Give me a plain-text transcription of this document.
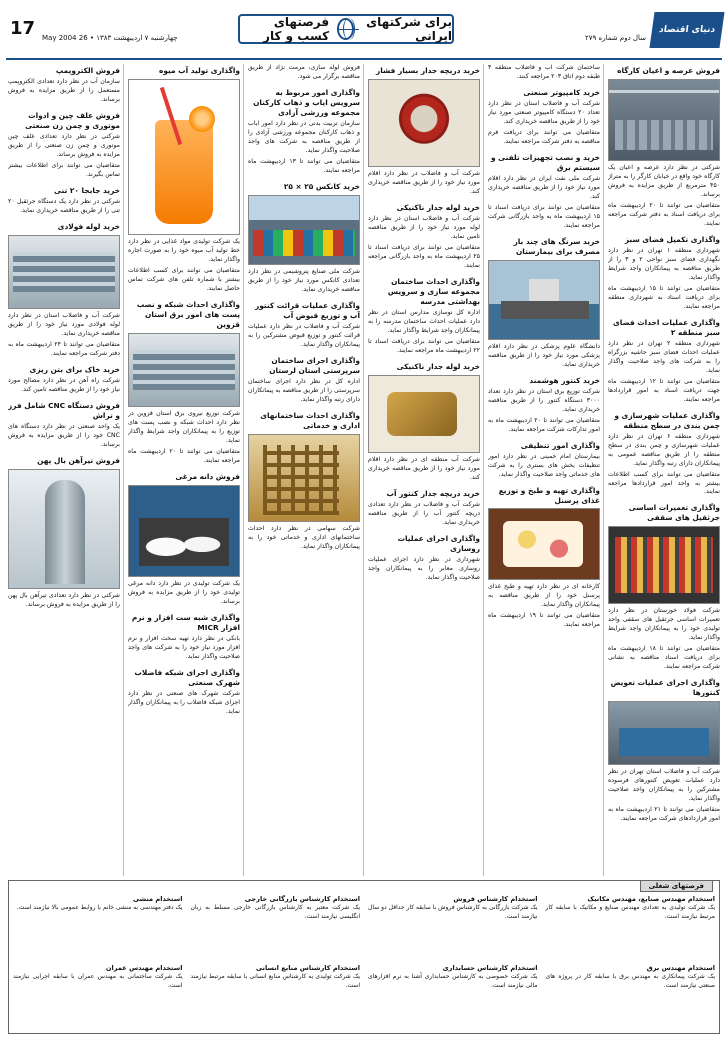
17 چهارشنبه ۷ اردیبهشت ۱۳۸۳ • 26 May 2004
برای شرکتهای ایرانی
فرصتهای کسب و کار	سال دوم شماره ۲۷۹
دنیای اقتصاد
فروش عرصه و اعیان کارگاه

شرکتی در نظر دارد عرصه و اعیان یک کارگاه خود واقع در خیابان کارگر را به متراژ ۴۵۰ مترمربع از طریق مزایده به فروش برساند.

متقاضیان می توانند تا ۲۰ اردیبهشت ماه برای دریافت اسناد به دفتر شرکت مراجعه نمایند.

واگذاری تکمیل فضای سبز

شهرداری منطقه ۱ تهران در نظر دارد نگهداری فضای سبز نواحی ۲ و ۳ را از طریق مناقصه به پیمانکاران واجد شرایط واگذار نماید.

متقاضیان می توانند تا ۱۵ اردیبهشت ماه برای دریافت اسناد به شهرداری منطقه مراجعه نمایند.

واگذاری عملیات احداث فضای سبز منطقه ۲

شهرداری منطقه ۲ تهران در نظر دارد عملیات احداث فضای سبز حاشیه بزرگراه را به شرکت های واجد صلاحیت واگذار نماید.

متقاضیان می توانند تا ۱۲ اردیبهشت ماه جهت دریافت اسناد به امور قراردادها مراجعه نمایند.

واگذاری عملیات شهرسازی و چمن بندی در سطح منطقه

شهرداری منطقه ۶ تهران در نظر دارد عملیات شهرسازی و چمن بندی در سطح منطقه را از طریق مناقصه عمومی به پیمانکاران دارای رتبه واگذار نماید.

متقاضیان می توانند برای کسب اطلاعات بیشتر به واحد امور قراردادها مراجعه نمایند.

واگذاری تعمیرات اساسی جرثقیل های سقفی

شرکت فولاد خوزستان در نظر دارد تعمیرات اساسی جرثقیل های سقفی واحد تولیدی خود را به پیمانکاران واجد شرایط واگذار نماید.

متقاضیان می توانند تا ۱۸ اردیبهشت ماه برای دریافت اسناد مناقصه به نشانی شرکت مراجعه نمایند.

واگذاری اجرای عملیات تعویض کنتورها

شرکت آب و فاضلاب استان تهران در نظر دارد عملیات تعویض کنتورهای فرسوده مشترکین را به پیمانکاران واجد صلاحیت واگذار نماید.

متقاضیان می توانند تا ۲۱ اردیبهشت ماه به امور قراردادهای شرکت مراجعه نمایند.

ساختمان شرکت آب و فاضلاب منطقه ۴ طبقه دوم اتاق ۲۰۳ مراجعه کنند.

خرید کامپیوتر صنعتی

شرکت آب و فاضلاب استان در نظر دارد تعداد ۲۰ دستگاه کامپیوتر صنعتی مورد نیاز خود را از طریق مناقصه خریداری کند.

متقاضیان می توانند برای دریافت فرم مناقصه به دفتر شرکت مراجعه نمایند.

خرید و نصب تجهیزات تلفنی و سیستم برق

شرکت ملی نفت ایران در نظر دارد اقلام مورد نیاز خود را از طریق مناقصه خریداری کند.

متقاضیان می توانند برای دریافت اسناد تا ۱۵ اردیبهشت ماه به واحد بازرگانی شرکت مراجعه نمایند.

خرید سرنگ های چند بار مصرف برای بیمارستان

دانشگاه علوم پزشکی در نظر دارد اقلام پزشکی مورد نیاز خود را از طریق مناقصه خریداری نماید.

خرید کنتور هوشمند

شرکت توزیع برق استان در نظر دارد تعداد ۳۰۰۰ دستگاه کنتور را از طریق مناقصه خریداری نماید.

متقاضیان می توانند تا ۲۰ اردیبهشت ماه به امور تدارکات شرکت مراجعه نمایند.

واگذاری امور تنظیفی

بیمارستان امام خمینی در نظر دارد امور تنظیفات بخش های بستری را به شرکت های خدماتی واجد صلاحیت واگذار نماید.

واگذاری تهیه و طبخ و توزیع غذای پرسنل

کارخانه ای در نظر دارد تهیه و طبخ غذای پرسنل خود را از طریق مناقصه به پیمانکاران واگذار نماید.

متقاضیان می توانند تا ۱۹ اردیبهشت ماه مراجعه نمایند.

خرید دریچه جدار بسیار فشار

شرکت آب و فاضلاب در نظر دارد اقلام مورد نیاز خود را از طریق مناقصه خریداری کند.

خرید لوله جدار ناکنیکی

شرکت آب و فاضلاب استان در نظر دارد لوله مورد نیاز خود را از طریق مناقصه تامین نماید.

متقاضیان می توانند برای دریافت اسناد تا ۲۵ اردیبهشت ماه به واحد بازرگانی مراجعه نمایند.

واگذاری احداث ساختمان مجموعه سازی و سرویس بهداشتی مدرسه

اداره کل نوسازی مدارس استان در نظر دارد عملیات احداث ساختمان مدرسه را به پیمانکاران واجد شرایط واگذار نماید.

متقاضیان می توانند برای دریافت اسناد تا ۲۲ اردیبهشت ماه مراجعه نمایند.

خرید لوله جدار ناکنیکی

شرکت آب منطقه ای در نظر دارد اقلام مورد نیاز خود را از طریق مناقصه خریداری کند.

خرید دریچه جدار کنتور آب

شرکت آب و فاضلاب در نظر دارد تعدادی دریچه کنتور آب را از طریق مناقصه خریداری نماید.

واگذاری اجرای عملیات روسازی

شهرداری در نظر دارد اجرای عملیات روسازی معابر را به پیمانکاران واجد صلاحیت واگذار نماید.

فروش لوله سازی، مرمت نژاد از طریق مناقصه برگزار می شود.

واگذاری امور مربوط به سرویس ایاب و ذهاب کارکنان مجموعه ورزشی آزادی

سازمان تربیت بدنی در نظر دارد امور ایاب و ذهاب کارکنان مجموعه ورزشی آزادی را از طریق مناقصه به شرکت های واجد صلاحیت واگذار نماید.

متقاضیان می توانند تا ۱۳ اردیبهشت ماه مراجعه نمایند.

خرید کانکس ۲۵ × ۲۵

شرکت ملی صنایع پتروشیمی در نظر دارد تعدادی کانکس مورد نیاز خود را از طریق مناقصه خریداری نماید.

واگذاری عملیات قرائت کنتور آب و توزیع قبوض آب

شرکت آب و فاضلاب در نظر دارد عملیات قرائت کنتور و توزیع قبوض مشترکین را به پیمانکاران واگذار نماید.

واگذاری اجرای ساختمان سرپرستی استان لرستان

اداره کل در نظر دارد اجرای ساختمان سرپرستی را از طریق مناقصه به پیمانکاران دارای رتبه واگذار نماید.

واگذاری احداث ساختمانهای اداری و خدماتی

شرکت سهامی در نظر دارد احداث ساختمانهای اداری و خدماتی خود را به پیمانکاران واگذار نماید.

واگذاری تولید آب میوه

یک شرکت تولیدی مواد غذایی در نظر دارد خط تولید آب میوه خود را به صورت اجاره واگذار نماید.

متقاضیان می توانند برای کسب اطلاعات بیشتر با شماره تلفن های شرکت تماس حاصل نمایند.

واگذاری احداث شبکه و نصب پست های امور برق استان قزوین

شرکت توزیع نیروی برق استان قزوین در نظر دارد احداث شبکه و نصب پست های توزیع را به پیمانکاران واجد شرایط واگذار نماید.

متقاضیان می توانند تا ۲۰ اردیبهشت ماه مراجعه نمایند.

فروش دانه مرغی

یک شرکت تولیدی در نظر دارد دانه مرغی تولیدی خود را از طریق مزایده به فروش برساند.

واگذاری شبه ست افزار و نرم افزار MICR

بانکی در نظر دارد تهیه سخت افزار و نرم افزار مورد نیاز خود را به شرکت های واجد صلاحیت واگذار نماید.

واگذاری اجرای شبکه فاضلاب شهرک صنعتی

شرکت شهرک های صنعتی در نظر دارد اجرای شبکه فاضلاب را به پیمانکاران واگذار نماید.

فروش الکتروپمپ

سازمان آب در نظر دارد تعدادی الکتروپمپ مستعمل را از طریق مزایده به فروش برساند.

فروش علف چین و ادوات موتوری و چمن زن صنعتی

شرکتی در نظر دارد تعدادی علف چین موتوری و چمن زن صنعتی را از طریق مزایده به فروش برساند.

متقاضیان می توانند برای اطلاعات بیشتر تماس بگیرند.

خرید جابجا ۲۰ تنی

شرکتی در نظر دارد یک دستگاه جرثقیل ۲۰ تنی را از طریق مناقصه خریداری نماید.

خرید لوله فولادی

شرکت آب و فاضلاب استان در نظر دارد لوله فولادی مورد نیاز خود را از طریق مناقصه خریداری نماید.

متقاضیان می توانند تا ۲۴ اردیبهشت ماه به دفتر شرکت مراجعه نمایند.

خرید خاک برای بتن ریزی

شرکت راه آهن در نظر دارد مصالح مورد نیاز خود را از طریق مناقصه تامین کند.

فروش دستگاه CNC شامل فرز و تراش

یک واحد صنعتی در نظر دارد دستگاه های CNC خود را از طریق مزایده به فروش برساند.

فروش تیرآهن بال پهن

شرکتی در نظر دارد تعدادی تیرآهن بال پهن را از طریق مزایده به فروش برساند.

فرصتهای شغلی
استخدام مهندس صنایع، مهندس مکانیک
یک شرکت تولیدی به تعدادی مهندس صنایع و مکانیک با سابقه کار مرتبط نیازمند است.
استخدام کارشناس فروش
یک شرکت بازرگانی به کارشناس فروش با سابقه کار حداقل دو سال نیازمند است.
استخدام کارشناس بازرگانی خارجی
یک شرکت معتبر به کارشناس بازرگانی خارجی مسلط به زبان انگلیسی نیازمند است.
استخدام منشی
یک دفتر مهندسی به منشی خانم با روابط عمومی بالا نیازمند است.
استخدام مهندس برق
یک شرکت پیمانکاری به مهندس برق با سابقه کار در پروژه های صنعتی نیازمند است.
استخدام کارشناس حسابداری
یک شرکت خصوصی به کارشناس حسابداری آشنا به نرم افزارهای مالی نیازمند است.
استخدام کارشناس منابع انسانی
یک شرکت تولیدی به کارشناس منابع انسانی با سابقه مرتبط نیازمند است.
استخدام مهندس عمران
یک شرکت ساختمانی به مهندس عمران با سابقه اجرایی نیازمند است.
